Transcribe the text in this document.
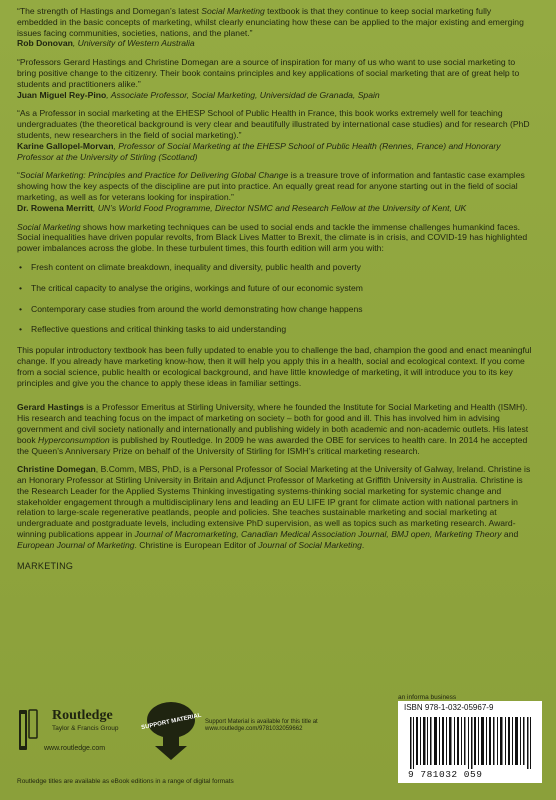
“The strength of Hastings and Domegan’s latest Social Marketing textbook is that they continue to keep social marketing fully embedded in the basic concepts of marketing, whilst clearly enunciating how these can be applied to the major existing and emerging issues facing communities, societies, nations, and the planet.”
Rob Donovan, University of Western Australia
“Professors Gerard Hastings and Christine Domegan are a source of inspiration for many of us who want to use social marketing to bring positive change to the citizenry. Their book contains principles and key applications of social marketing that are of great help to students and practitioners alike.”
Juan Miguel Rey-Pino, Associate Professor, Social Marketing, Universidad de Granada, Spain
“As a Professor in social marketing at the EHESP School of Public Health in France, this book works extremely well for teaching undergraduates (the theoretical background is very clear and beautifully illustrated by international case studies) and for research (PhD students, new researchers in the field of social marketing).”
Karine Gallopel-Morvan, Professor of Social Marketing at the EHESP School of Public Health (Rennes, France) and Honorary Professor at the University of Stirling (Scotland)
“Social Marketing: Principles and Practice for Delivering Global Change is a treasure trove of information and fantastic case examples showing how the key aspects of the discipline are put into practice. An equally great read for anyone starting out in the field of social marketing, as well as for veterans looking for inspiration.”
Dr. Rowena Merritt, UN’s World Food Programme, Director NSMC and Research Fellow at the University of Kent, UK

Social Marketing shows how marketing techniques can be used to social ends and tackle the immense challenges humankind faces. Social inequalities have driven popular revolts, from Black Lives Matter to Brexit, the climate is in crisis, and COVID-19 has highlighted power imbalances across the globe. In these turbulent times, this fourth edition will arm you with:

• Fresh content on climate breakdown, inequality and diversity, public health and poverty
• The critical capacity to analyse the origins, workings and future of our economic system
• Contemporary case studies from around the world demonstrating how change happens
• Reflective questions and critical thinking tasks to aid understanding

This popular introductory textbook has been fully updated to enable you to challenge the bad, champion the good and enact meaningful change. If you already have marketing know-how, then it will help you apply this in a health, social and ecological context. If you come from a social science, public health or ecological background, and have little knowledge of marketing, it will introduce you to its key principles and give you the chance to apply these ideas in familiar settings.

Gerard Hastings is a Professor Emeritus at Stirling University, where he founded the Institute for Social Marketing and Health (ISMH). His research and teaching focus on the impact of marketing on society – both for good and ill. This has involved him in advising government and civil society nationally and internationally and publishing widely in both academic and non-academic outlets. His latest book Hyperconsumption is published by Routledge. In 2009 he was awarded the OBE for services to health care. In 2014 he accepted the Queen’s Anniversary Prize on behalf of the University of Stirling for ISMH’s critical marketing research.

Christine Domegan, B.Comm, MBS, PhD, is a Personal Professor of Social Marketing at the University of Galway, Ireland. Christine is an Honorary Professor at Stirling University in Britain and Adjunct Professor of Marketing at Griffith University in Australia. Christine is the Research Leader for the Applied Systems Thinking investigating systems-thinking social marketing for systemic change and stakeholder engagement through a multidisciplinary lens and leading an EU LIFE IP grant for climate action with national partners in relation to large-scale regenerative peatlands, people and policies. She teaches sustainable marketing and social marketing at undergraduate and postgraduate levels, including extensive PhD supervision, as well as topics such as marketing research. Award-winning publications appear in Journal of Macromarketing, Canadian Medical Association Journal, BMJ open, Marketing Theory and European Journal of Marketing. Christine is European Editor of Journal of Social Marketing.

MARKETING
Routledge
Taylor & Francis Group
www.routledge.com
SUPPORT MATERIAL Support Material is available for this title at
www.routledge.com/9781032059662
an informa business
ISBN 978-1-032-05967-9
9 781032 059
Routledge titles are available as eBook editions in a range of digital formats
